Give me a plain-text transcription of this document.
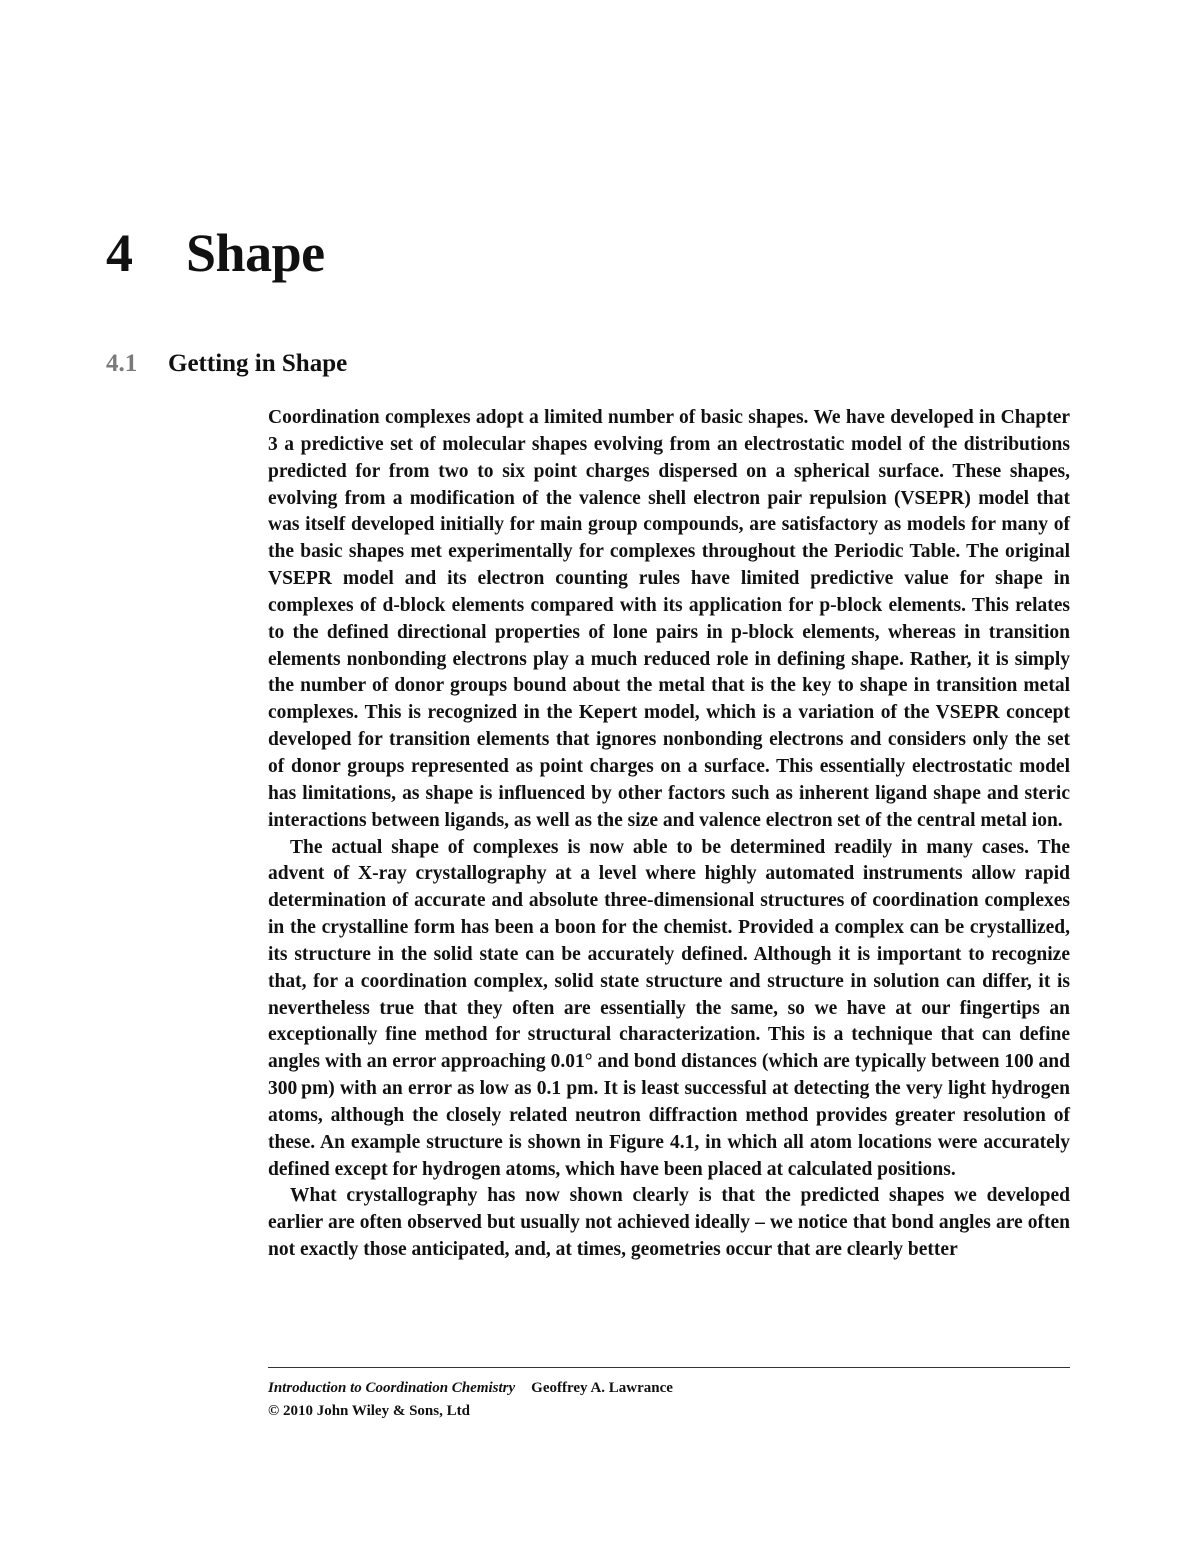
4 Shape
4.1 Getting in Shape

Coordination complexes adopt a limited number of basic shapes. We have developed in Chapter 3 a predictive set of molecular shapes evolving from an electrostatic model of the distributions predicted for from two to six point charges dispersed on a spherical surface. These shapes, evolving from a modification of the valence shell electron pair repulsion (VSEPR) model that was itself developed initially for main group compounds, are satisfactory as models for many of the basic shapes met experimentally for complexes throughout the Periodic Table. The original VSEPR model and its electron counting rules have limited predictive value for shape in complexes of d-block elements compared with its application for p-block elements. This relates to the defined directional properties of lone pairs in p-block elements, whereas in transition elements nonbonding electrons play a much reduced role in defining shape. Rather, it is simply the number of donor groups bound about the metal that is the key to shape in transition metal complexes. This is recognized in the Kepert model, which is a variation of the VSEPR concept developed for transition elements that ignores nonbonding electrons and considers only the set of donor groups represented as point charges on a surface. This essentially electrostatic model has limitations, as shape is influenced by other factors such as inherent ligand shape and steric interactions between ligands, as well as the size and valence electron set of the central metal ion.

The actual shape of complexes is now able to be determined readily in many cases. The advent of X-ray crystallography at a level where highly automated instruments allow rapid determination of accurate and absolute three-dimensional structures of coordination complexes in the crystalline form has been a boon for the chemist. Provided a complex can be crystallized, its structure in the solid state can be accurately defined. Although it is important to recognize that, for a coordination complex, solid state structure and structure in solution can differ, it is nevertheless true that they often are essentially the same, so we have at our fingertips an exceptionally fine method for structural characterization. This is a technique that can define angles with an error approaching 0.01° and bond distances (which are typically between 100 and 300 pm) with an error as low as 0.1 pm. It is least successful at detecting the very light hydrogen atoms, although the closely related neutron diffraction method provides greater resolution of these. An example structure is shown in Figure 4.1, in which all atom locations were accurately defined except for hydrogen atoms, which have been placed at calculated positions.

What crystallography has now shown clearly is that the predicted shapes we developed earlier are often observed but usually not achieved ideally – we notice that bond angles are often not exactly those anticipated, and, at times, geometries occur that are clearly better

Introduction to Coordination Chemistry Geoffrey A. Lawrance
© 2010 John Wiley & Sons, Ltd
